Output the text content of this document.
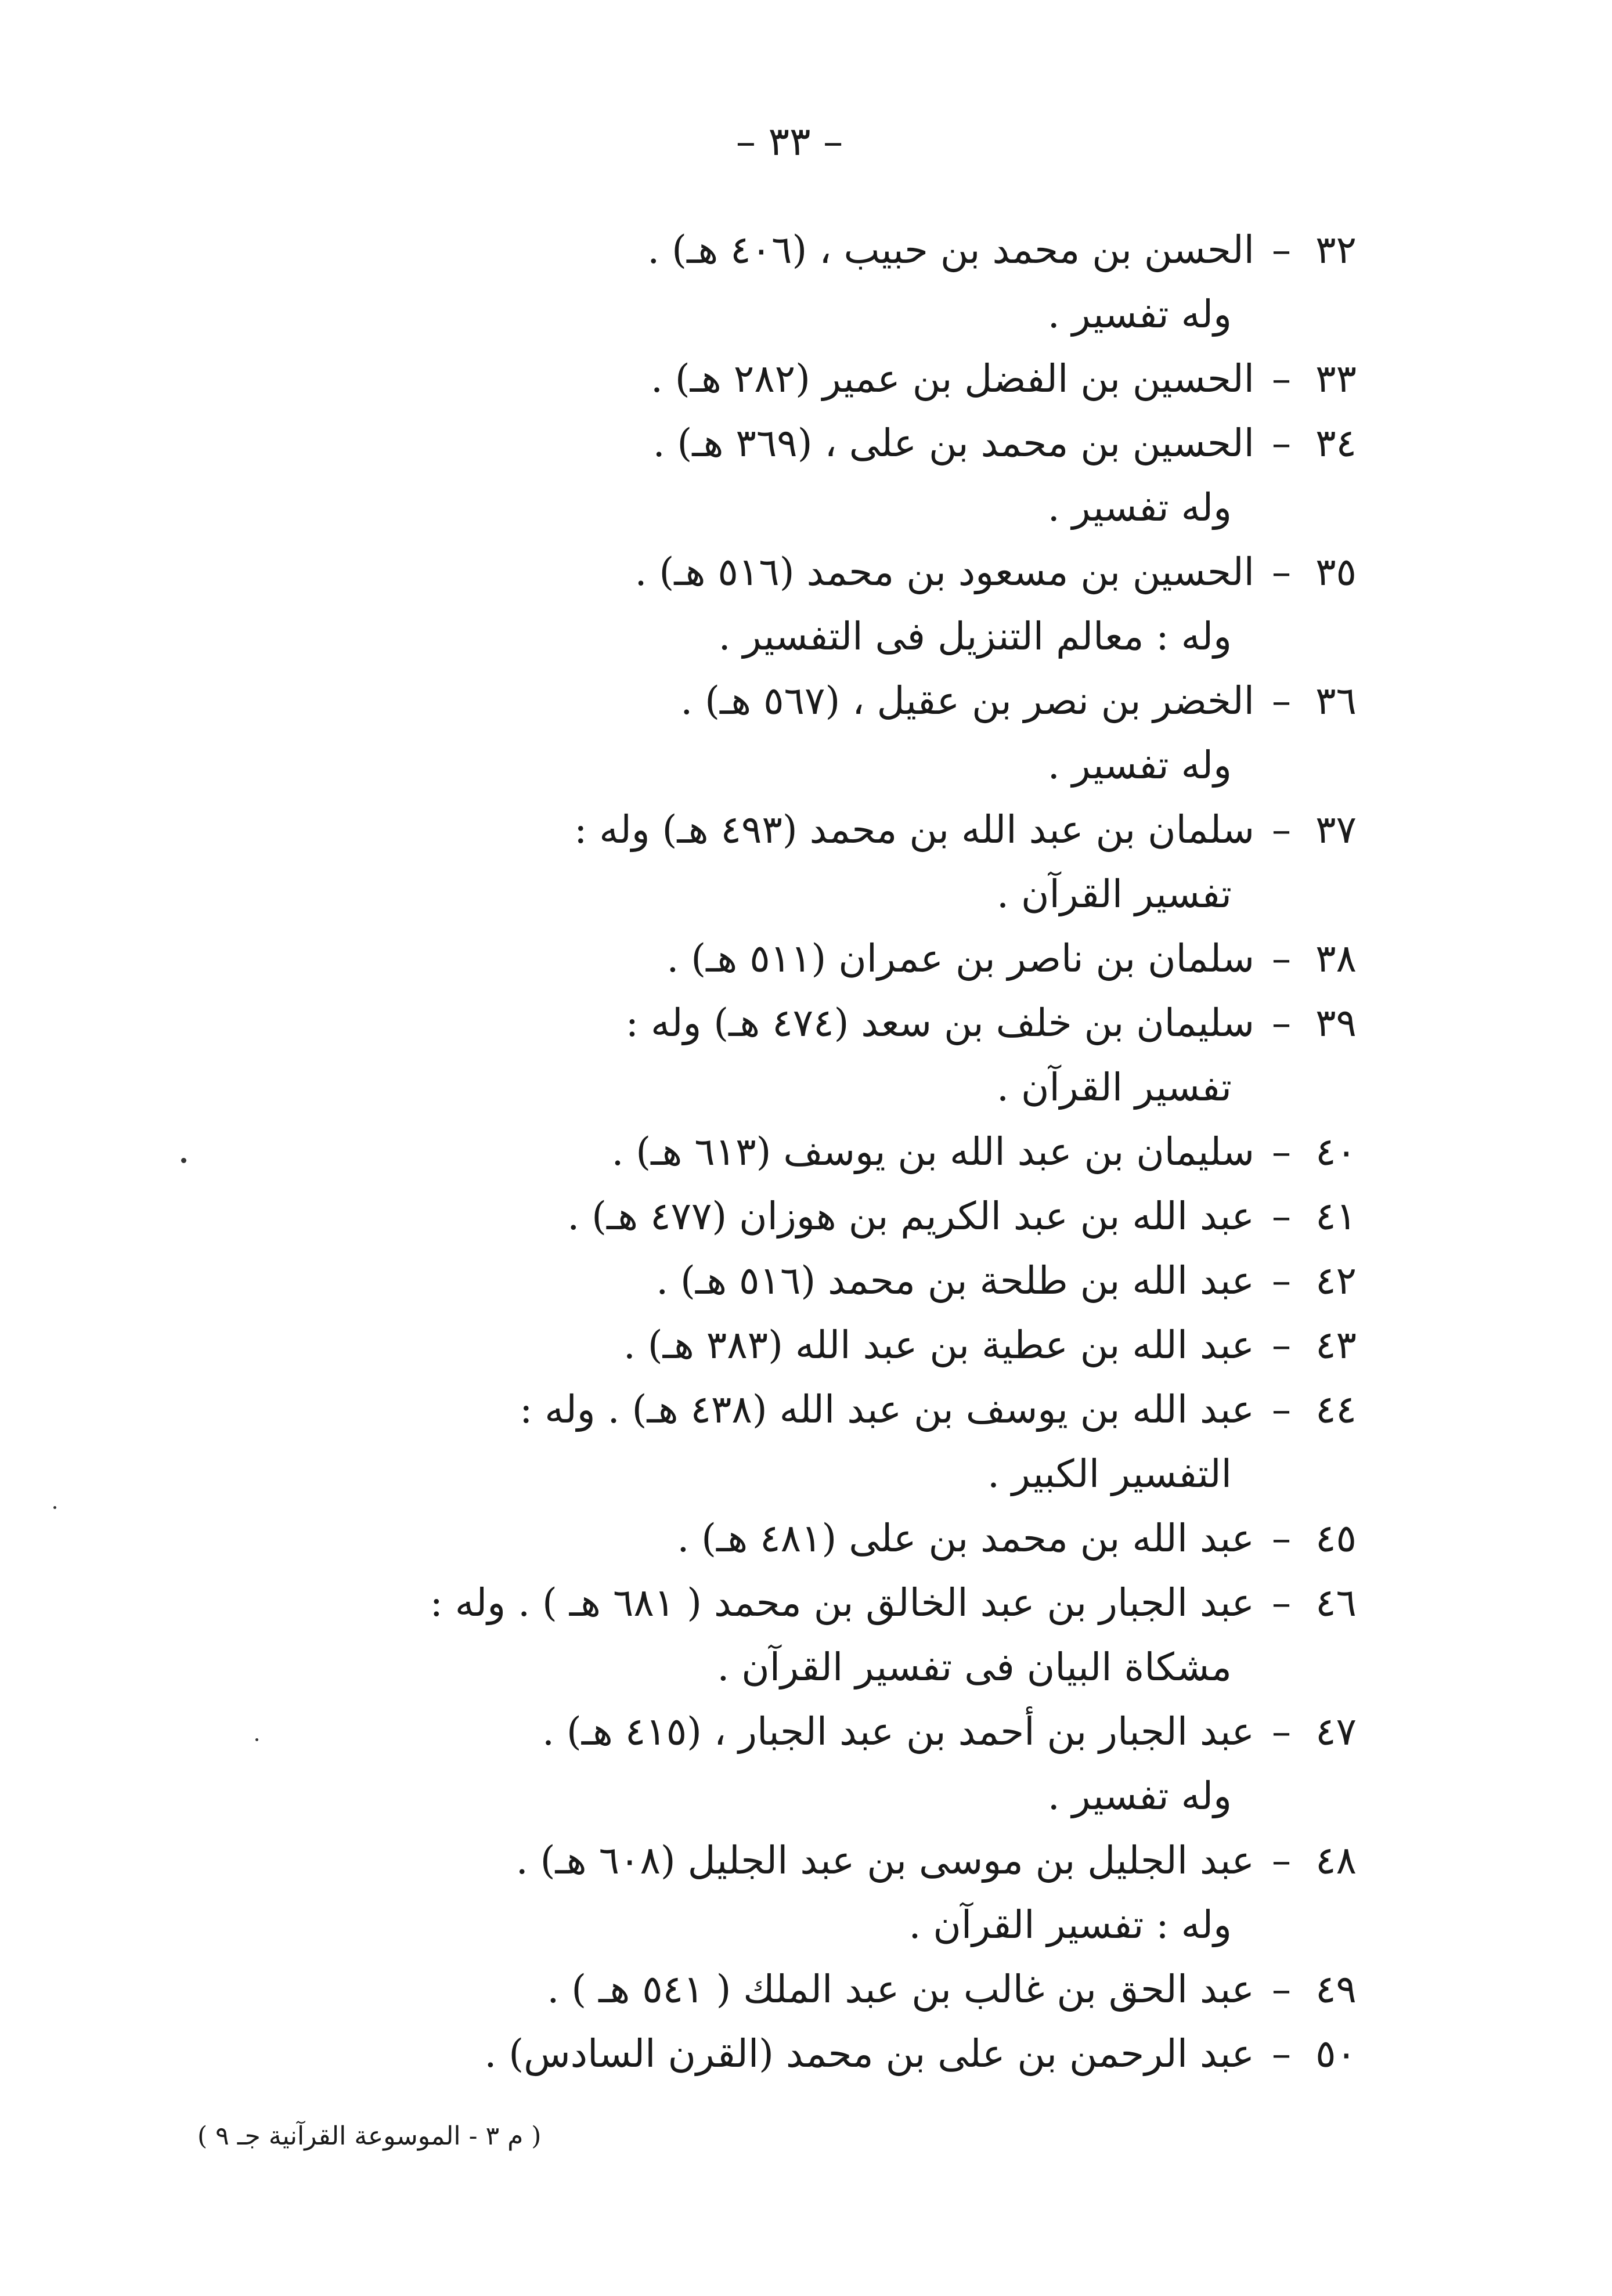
– ٣٣ –
٣٢
–
الحسن بن محمد بن حبيب ، (٤٠٦ هـ) .
وله تفسير .
٣٣
–
الحسين بن الفضل بن عمير (٢٨٢ هـ) .
٣٤
–
الحسين بن محمد بن على ، (٣٦٩ هـ) .
وله تفسير .
٣٥
–
الحسين بن مسعود بن محمد (٥١٦ هـ) .
وله : معالم التنزيل فى التفسير .
٣٦
–
الخضر بن نصر بن عقيل ، (٥٦٧ هـ) .
وله تفسير .
٣٧
–
سلمان بن عبد الله بن محمد (٤٩٣ هـ) وله :
تفسير القرآن .
٣٨
–
سلمان بن ناصر بن عمران (٥١١ هـ) .
٣٩
–
سليمان بن خلف بن سعد (٤٧٤ هـ) وله :
تفسير القرآن .
٤٠
–
سليمان بن عبد الله بن يوسف (٦١٣ هـ) .
٤١
–
عبد الله بن عبد الكريم بن هوزان (٤٧٧ هـ) .
٤٢
–
عبد الله بن طلحة بن محمد (٥١٦ هـ) .
٤٣
–
عبد الله بن عطية بن عبد الله (٣٨٣ هـ) .
٤٤
–
عبد الله بن يوسف بن عبد الله (٤٣٨ هـ) . وله :
التفسير الكبير .
٤٥
–
عبد الله بن محمد بن على (٤٨١ هـ) .
٤٦
–
عبد الجبار بن عبد الخالق بن محمد ( ٦٨١ هـ ) . وله :
مشكاة البيان فى تفسير القرآن .
٤٧
–
عبد الجبار بن أحمد بن عبد الجبار ، (٤١٥ هـ) .
وله تفسير .
٤٨
–
عبد الجليل بن موسى بن عبد الجليل (٦٠٨ هـ) .
وله : تفسير القرآن .
٤٩
–
عبد الحق بن غالب بن عبد الملك ( ٥٤١ هـ ) .
٥٠
–
عبد الرحمن بن على بن محمد (القرن السادس) .
( م ٣ - الموسوعة القرآنية جـ ٩ )
